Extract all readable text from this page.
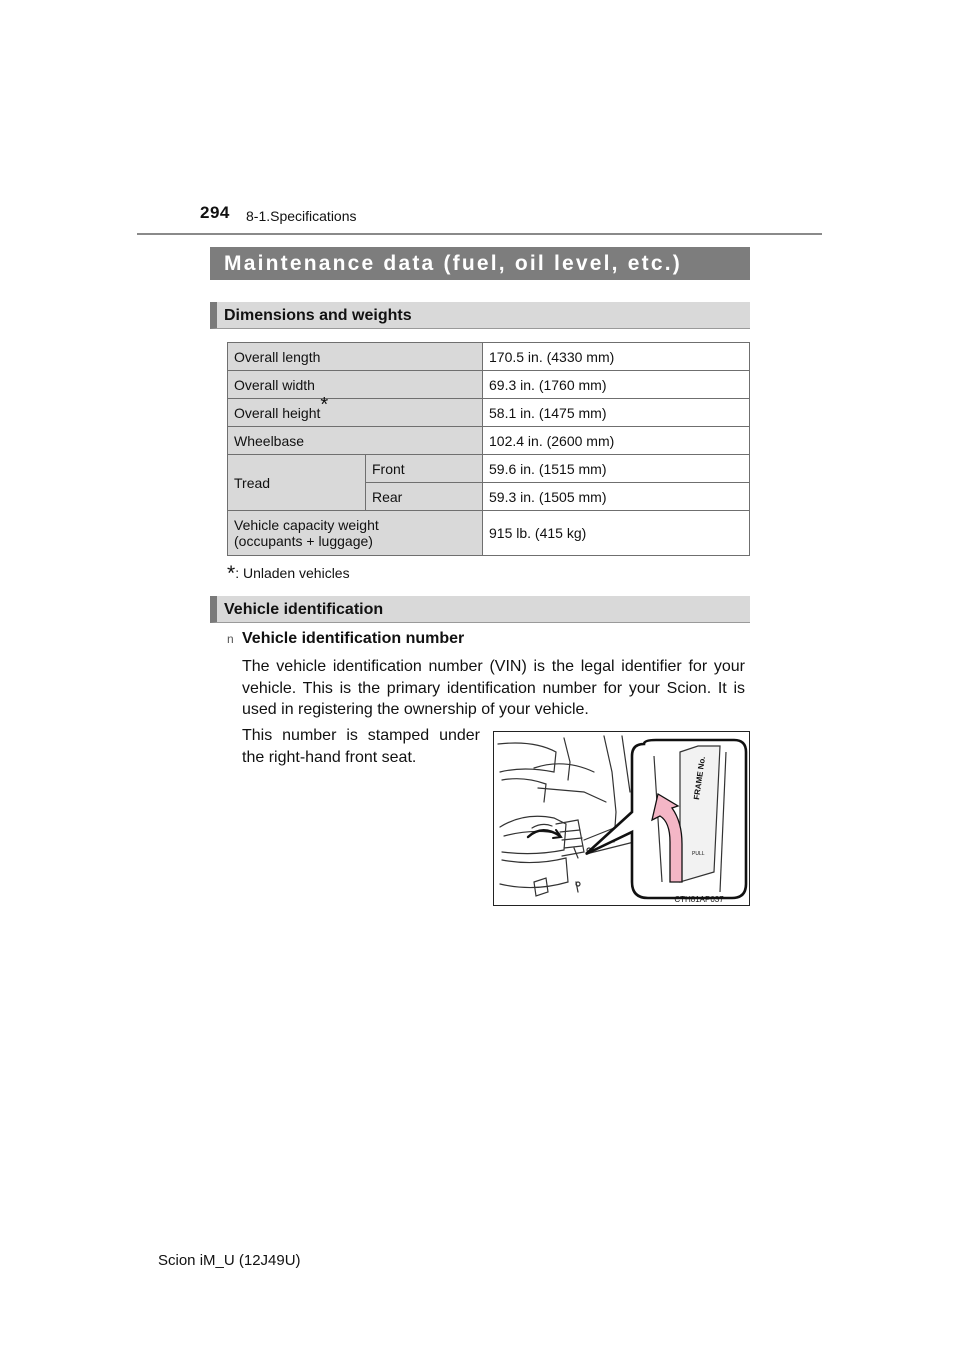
294 8-1.Specifications
Maintenance data (fuel, oil level, etc.)
Dimensions and weights
Overall length		170.5 in. (4330 mm)
Overall width		69.3 in. (1760 mm)
Overall height*		58.1 in. (1475 mm)
Wheelbase		102.4 in. (2600 mm)
Tread	Front	59.6 in. (1515 mm)
	Rear	59.3 in. (1505 mm)
Vehicle capacity weight
(occupants + luggage)		915 lb. (415 kg)
*: Unladen vehicles
Vehicle identification
n Vehicle identification number
The vehicle identification number (VIN) is the legal identifier for your vehicle. This is the primary identification number for your Scion. It is used in registering the ownership of your vehicle.
This number is stamped under the right-hand front seat.	FRAME No.
PULL
CTH81AP037
Scion iM_U (12J49U)
